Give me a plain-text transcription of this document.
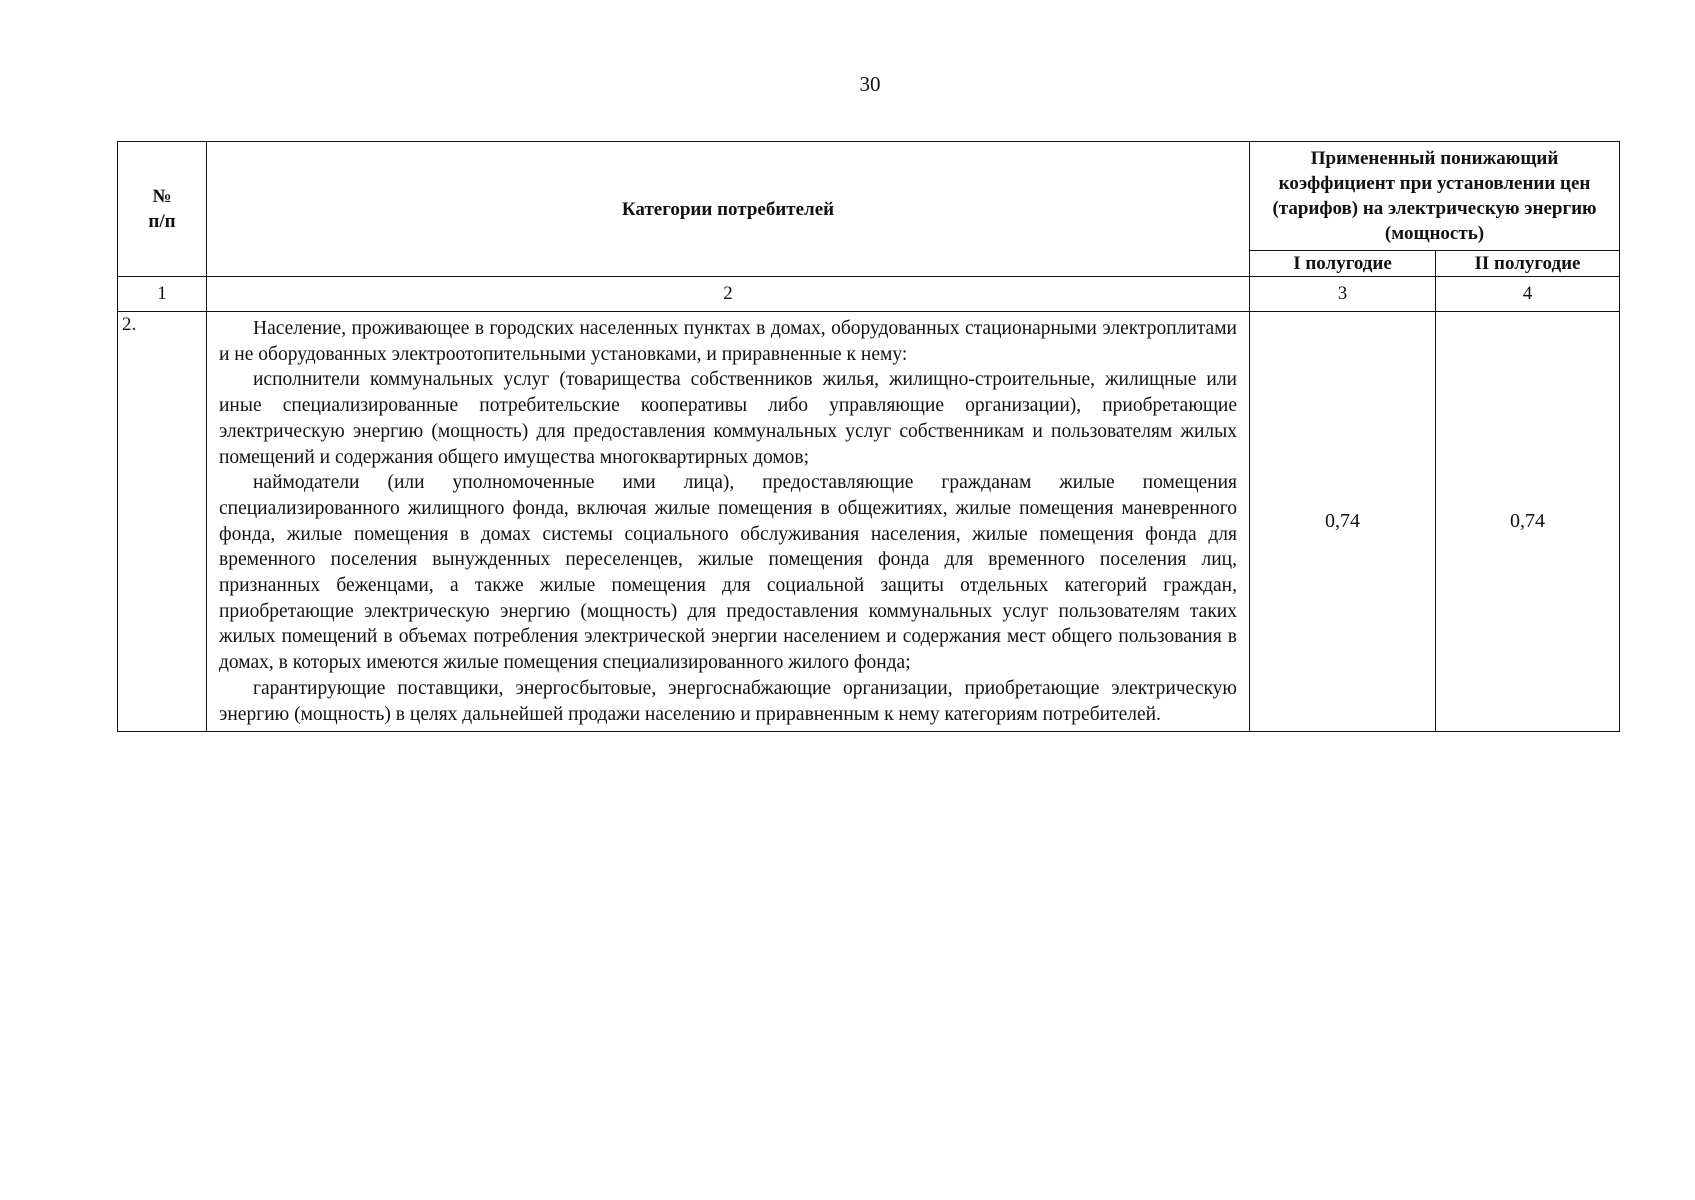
30
№
п/п	Категории потребителей	Примененный понижающий коэффициент при установлении цен (тарифов) на электрическую энергию (мощность)	
		I полугодие	II полугодие
1	2	3	4
2.	Население, проживающее в городских населенных пунктах в домах, оборудованных стационарными электроплитами и не оборудованных электроотопительными установками, и приравненные к нему:

исполнители коммунальных услуг (товарищества собственников жилья, жилищно-строительные, жилищные или иные специализированные потребительские кооперативы либо управляющие организации), приобретающие электрическую энергию (мощность) для предоставления коммунальных услуг собственникам и пользователям жилых помещений и содержания общего имущества многоквартирных домов;

наймодатели (или уполномоченные ими лица), предоставляющие гражданам жилые помещения специализированного жилищного фонда, включая жилые помещения в общежитиях, жилые помещения маневренного фонда, жилые помещения в домах системы социального обслуживания населения, жилые помещения фонда для временного поселения вынужденных переселенцев, жилые помещения фонда для временного поселения лиц, признанных беженцами, а также жилые помещения для социальной защиты отдельных категорий граждан, приобретающие электрическую энергию (мощность) для предоставления коммунальных услуг пользователям таких жилых помещений в объемах потребления электрической энергии населением и содержания мест общего пользования в домах, в которых имеются жилые помещения специализированного жилого фонда;

гарантирующие поставщики, энергосбытовые, энергоснабжающие организации, приобретающие электрическую энергию (мощность) в целях дальнейшей продажи населению и приравненным к нему категориям потребителей.	0,74	0,74
